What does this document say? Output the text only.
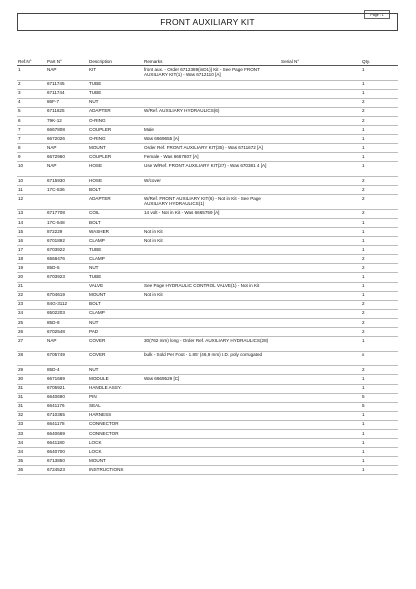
Page : 1
FRONT AUXILIARY KIT
Ref.N°	Part N°	Description	Remarks	Serial N°	Qty.
1	NAP	KIT	front aux. - Order 6712389(inD1)] Kit - See Page FRONT AUXILIARY KIT(1) - Was 6712110 [A]		1
2	6711745	TUBE			1
3	6711744	TUBE			1
4	86F-7	NUT			2
5	6711625	ADAPTER	W/Ref. AUXILIARY HYDRAULICS(6)		2
6	79K-12	O-RING			2
7	6667808	COUPLER	Male		1
7	6672026	O-RING	Was 6669655 [A]		1
8	NAP	MOUNT	Order Ref. FRONT AUXILIARY KIT(35) - Was 6711672 [A]		1
9	6672960	COUPLER	Female - Was 6667807 [A]		1
10	NAP	HOSE	Use W/Ref. FRONT AUXILIARY KIT(27) - Was 670381 4 [A]		1
10	6715930	HOSE	W/cover		2
11	17C-536	BOLT			2
12		ADAPTER	W/Ref. FRONT AUXILIARY KIT(6) - Not in Kit - See Page AUXILIARY HYDRAULICS(1)		2
13	6717708	COIL	14 volt - Not in Kit - Was 6665759 [A]		2
14	17C-548	BOLT			1
15	872229	WASHER	Not in Kit		1
16	6701892	CLAMP	Not in Kit		1
17	6703922	TUBE			1
18	6568476	CLAMP			2
19	85D-5	NUT			2
20	6703923	TUBE			1
21		VALVE	See Page HYDRAULIC CONTROL VALVE(1) - Not in Kit		1
22	6704619	MOUNT	Not in Kit		1
23	84G-3112	BOLT			2
24	6502203	CLAMP			2
25	85D-8	NUT			2
26	6702548	PAD			2
27	NAP	COVER	30(762 mm) long - Order Ref. AUXILIARY HYDRAULICS(28)		1
28	6705749	COVER	bulk - Sold Per Foot - 1.85' (46,9 mm) I.D. poly corrugated		x
29	85D-4	NUT			2
30	6671669	MODULE	Was 6669529 [C]		1
31	6705921	HANDLE ASSY.			1
31	6640690	PIN			5
31	6641176	SEAL			5
32	6710365	HARNESS			1
33	6641178	CONNECTOR			1
33	6640669	CONNECTOR			1
34	6641180	LOCK			1
34	6640700	LOCK			1
35	6713850	MOUNT			1
36	6724523	INSTRUCTIONS			1
